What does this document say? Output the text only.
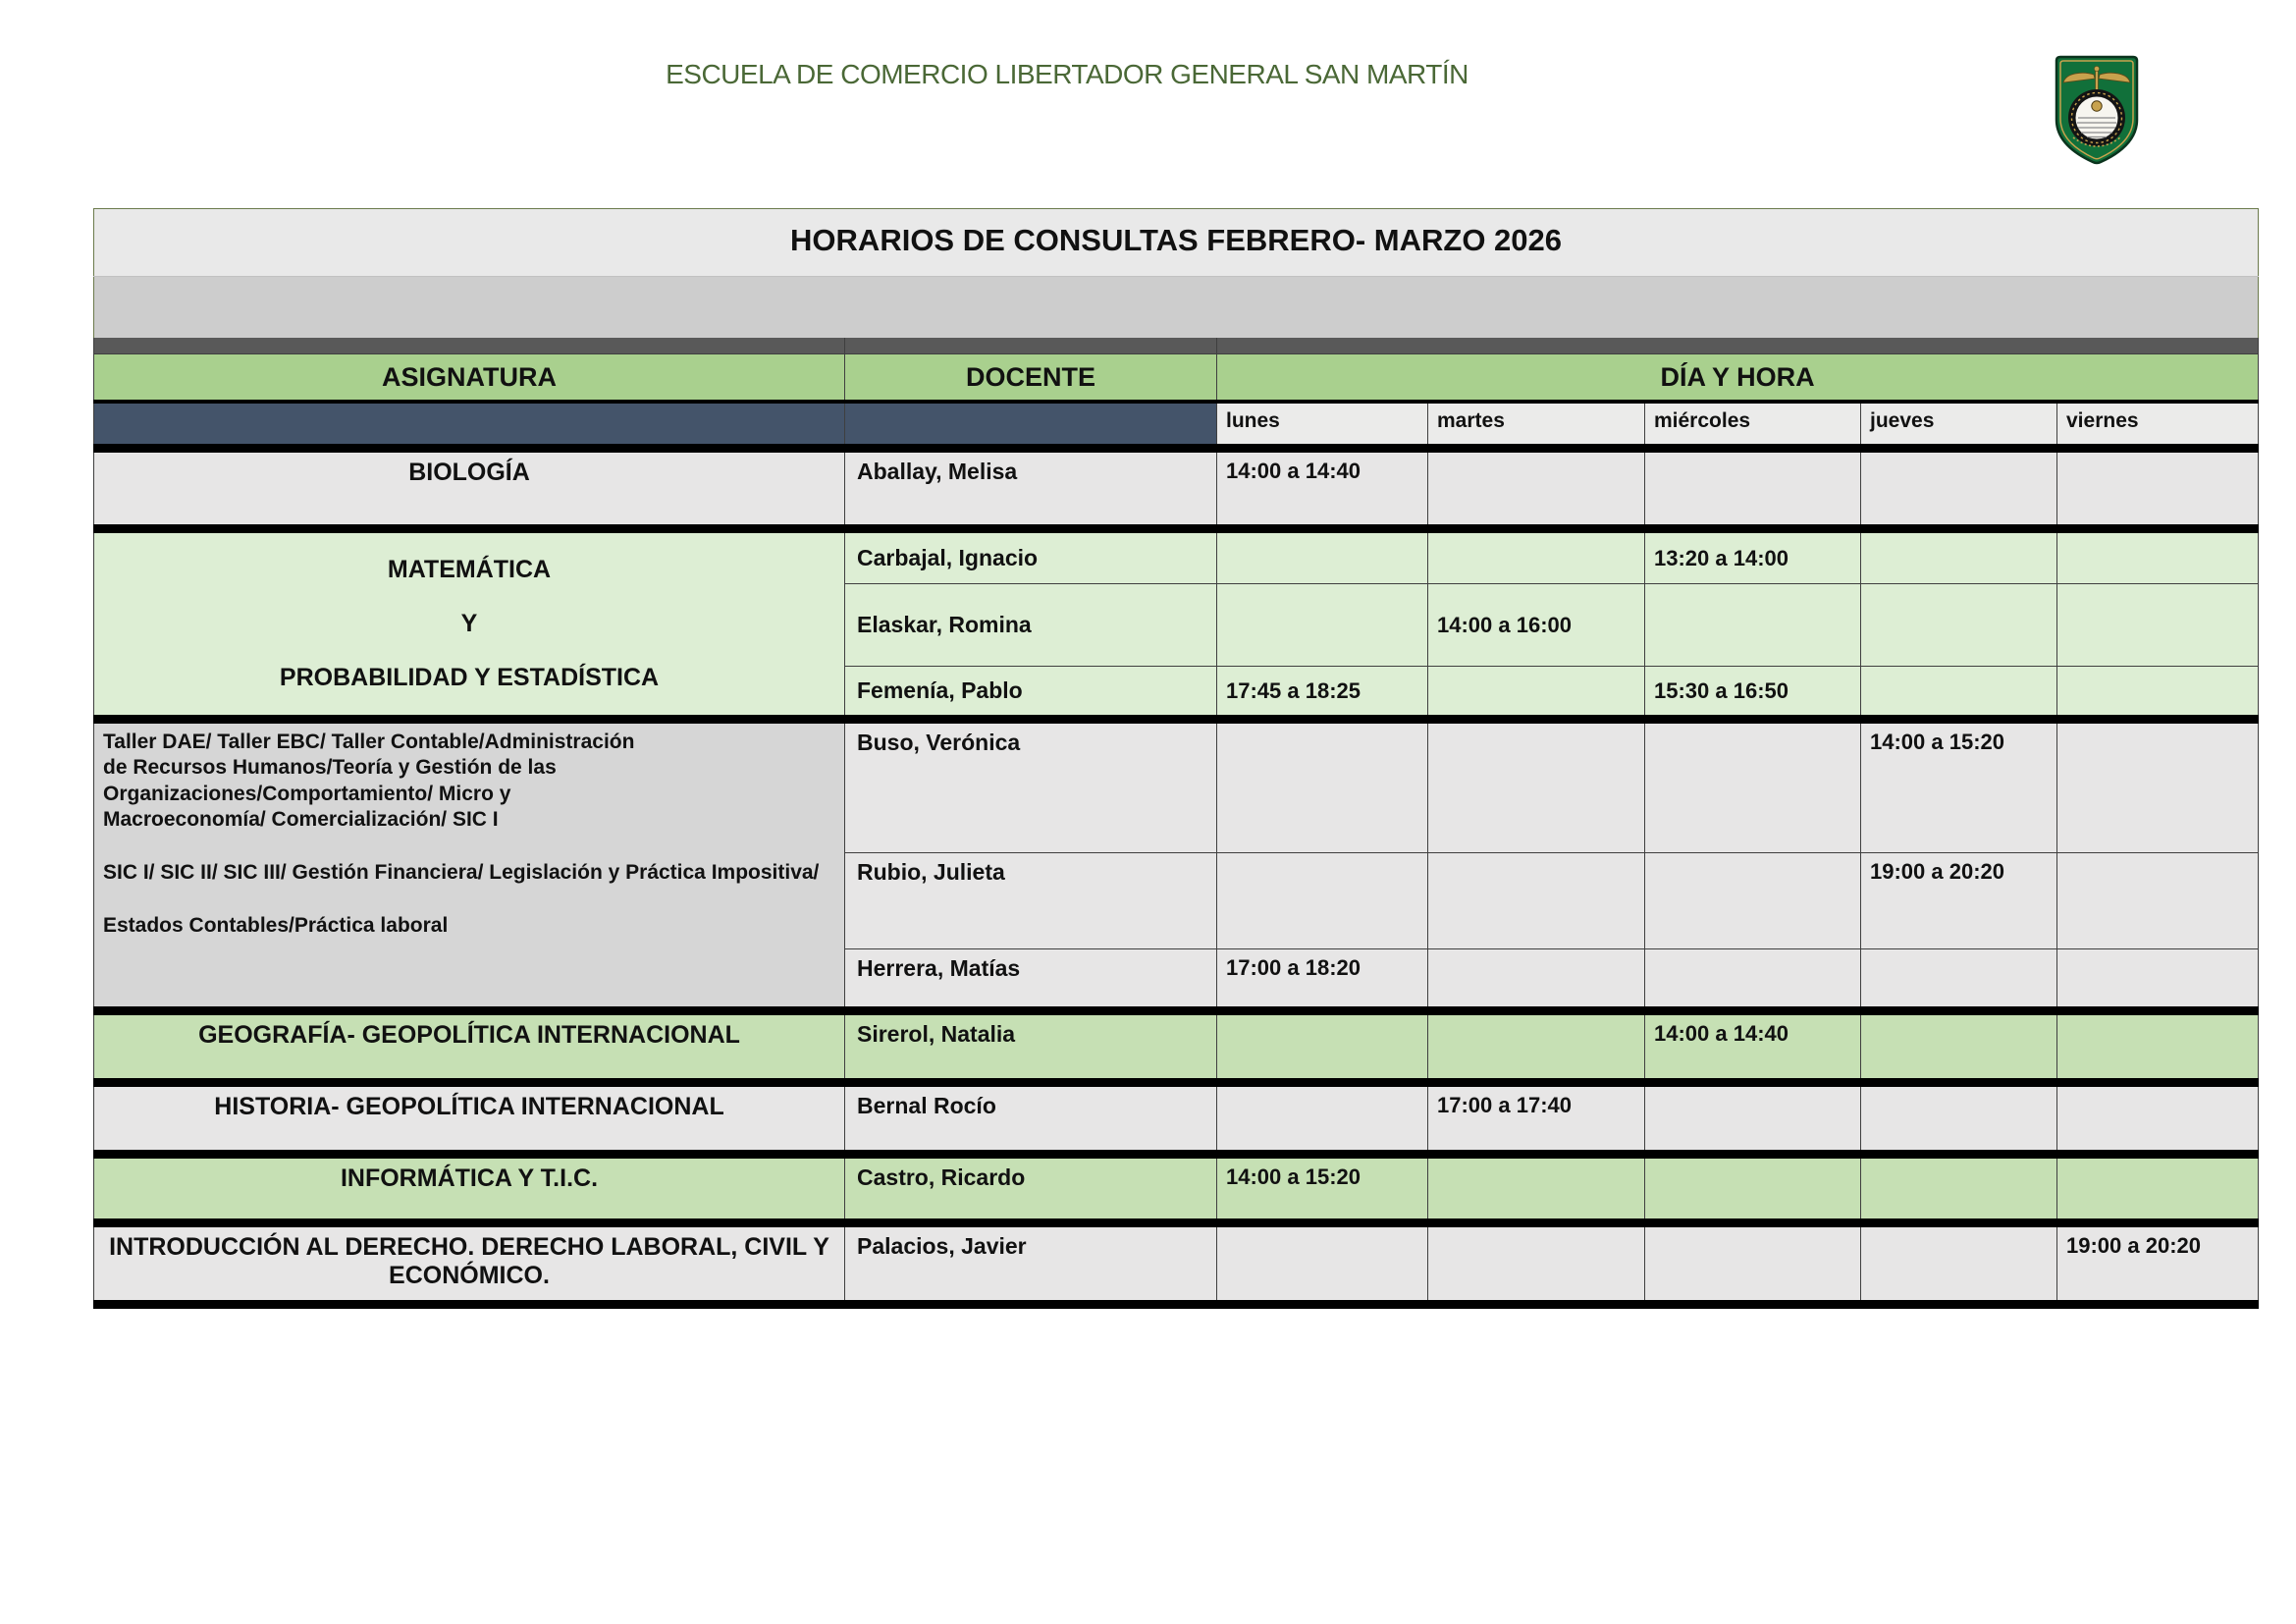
ESCUELA DE COMERCIO LIBERTADOR GENERAL SAN MARTÍN
HORARIOS DE CONSULTAS FEBRERO- MARZO 2026						

ASIGNATURA	DOCENTE	DÍA Y HORA				
		lunes	martes	miércoles	jueves	viernes

BIOLOGÍA	Aballay, Melisa	14:00 a 14:40				

MATEMÁTICA
Y
PROBABILIDAD Y ESTADÍSTICA	Carbajal, Ignacio			13:20 a 14:00		
	Elaskar, Romina		14:00 a 16:00			
	Femenía, Pablo	17:45 a 18:25		15:30 a 16:50		

Taller DAE/ Taller EBC/ Taller Contable/Administración de Recursos Humanos/Teoría y Gestión de las Organizaciones/Comportamiento/ Micro y Macroeconomía/ Comercialización/ SIC I
SIC I/ SIC II/ SIC III/ Gestión Financiera/ Legislación y Práctica Impositiva/
Estados Contables/Práctica laboral	Buso, Verónica				14:00 a 15:20	
	Rubio, Julieta				19:00 a 20:20	
	Herrera, Matías	17:00 a 18:20				

GEOGRAFÍA- GEOPOLÍTICA INTERNACIONAL	Sirerol, Natalia			14:00 a 14:40		

HISTORIA- GEOPOLÍTICA INTERNACIONAL	Bernal Rocío		17:00 a 17:40			

INFORMÁTICA Y T.I.C.	Castro, Ricardo	14:00 a 15:20				

INTRODUCCIÓN AL DERECHO. DERECHO LABORAL, CIVIL Y ECONÓMICO.	Palacios, Javier					19:00 a 20:20
